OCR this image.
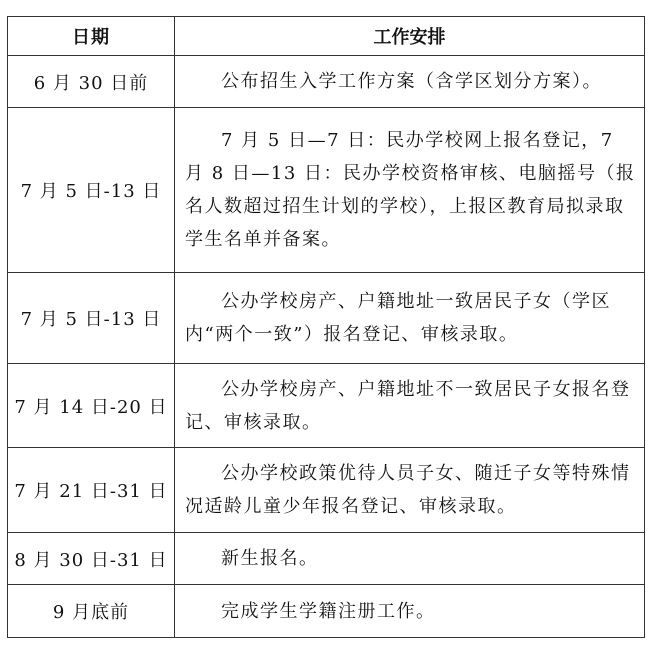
日期	工作安排
6 月 30 日前	公布招生入学工作方案（含学区划分方案）。
7 月 5 日-13 日	7 月 5 日—7 日：民办学校网上报名登记，7 月 8 日—13 日：民办学校资格审核、电脑摇号（报名人数超过招生计划的学校），上报区教育局拟录取学生名单并备案。
7 月 5 日-13 日	公办学校房产、户籍地址一致居民子女（学区内“两个一致”）报名登记、审核录取。
7 月 14 日-20 日	公办学校房产、户籍地址不一致居民子女报名登记、审核录取。
7 月 21 日-31 日	公办学校政策优待人员子女、随迁子女等特殊情况适龄儿童少年报名登记、审核录取。
8 月 30 日-31 日	新生报名。
9 月底前	完成学生学籍注册工作。
